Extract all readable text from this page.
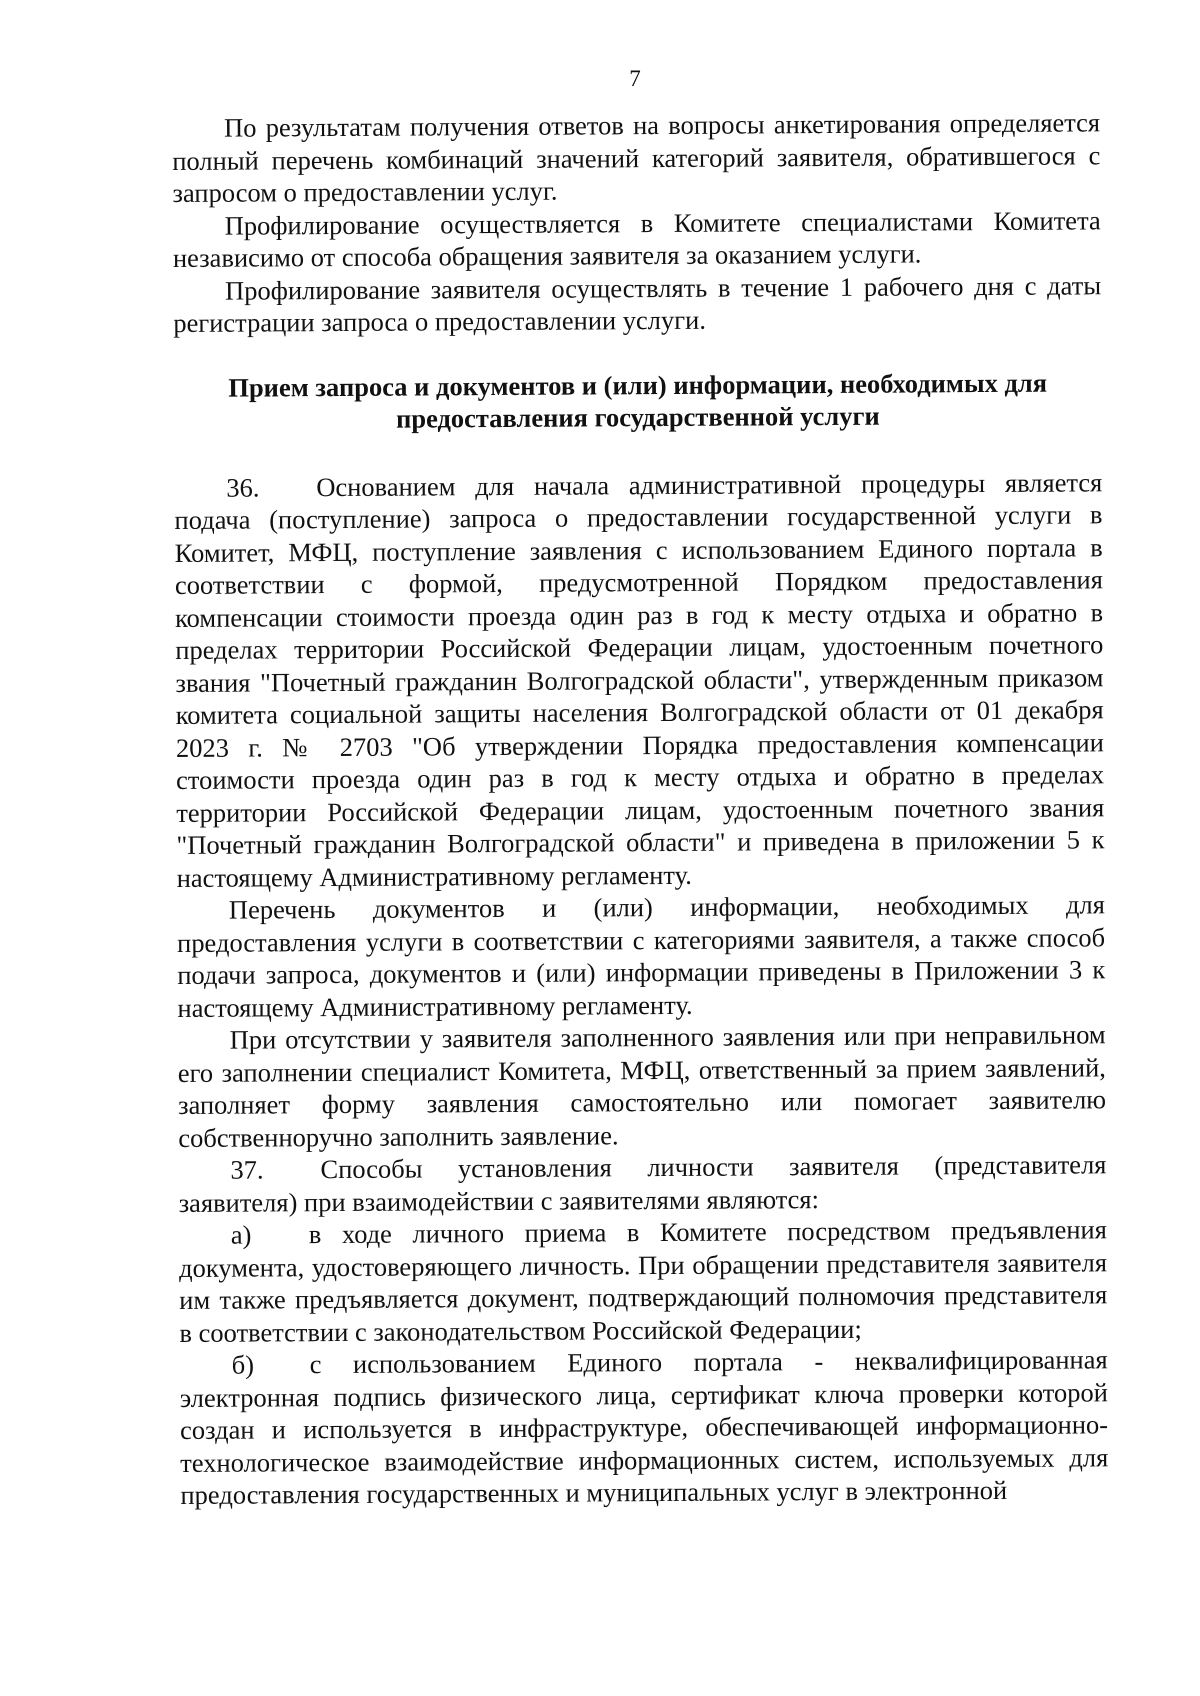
7

По результатам получения ответов на вопросы анкетирования определяется полный перечень комбинаций значений категорий заявителя, обратившегося с запросом о предоставлении услуг.

Профилирование осуществляется в Комитете специалистами Комитета независимо от способа обращения заявителя за оказанием услуги.

Профилирование заявителя осуществлять в течение 1 рабочего дня с даты регистрации запроса о предоставлении услуги.

Прием запроса и документов и (или) информации, необходимых для
предоставления государственной услуги

36. Основанием для начала административной процедуры является подача (поступление) запроса о предоставлении государственной услуги в Комитет, МФЦ, поступление заявления с использованием Единого портала в соответствии с формой, предусмотренной Порядком предоставления компенсации стоимости проезда один раз в год к месту отдыха и обратно в пределах территории Российской Федерации лицам, удостоенным почетного звания "Почетный гражданин Волгоградской области", утвержденным приказом комитета социальной защиты населения Волгоградской области от 01 декабря 2023 г. № 2703 "Об утверждении Порядка предоставления компенсации стоимости проезда один раз в год к месту отдыха и обратно в пределах территории Российской Федерации лицам, удостоенным почетного звания "Почетный гражданин Волгоградской области" и приведена в приложении 5 к настоящему Административному регламенту.

Перечень документов и (или) информации, необходимых для предоставления услуги в соответствии с категориями заявителя, а также способ подачи запроса, документов и (или) информации приведены в Приложении 3 к настоящему Административному регламенту.

При отсутствии у заявителя заполненного заявления или при неправильном его заполнении специалист Комитета, МФЦ, ответственный за прием заявлений, заполняет форму заявления самостоятельно или помогает заявителю собственноручно заполнить заявление.

37. Способы установления личности заявителя (представителя заявителя) при взаимодействии с заявителями являются:

а) в ходе личного приема в Комитете посредством предъявления документа, удостоверяющего личность. При обращении представителя заявителя им также предъявляется документ, подтверждающий полномочия представителя в соответствии с законодательством Российской Федерации;

б) с использованием Единого портала - неквалифицированная электронная подпись физического лица, сертификат ключа проверки которой создан и используется в инфраструктуре, обеспечивающей информационно-технологическое взаимодействие информационных систем, используемых для предоставления государственных и муниципальных услуг в электронной
